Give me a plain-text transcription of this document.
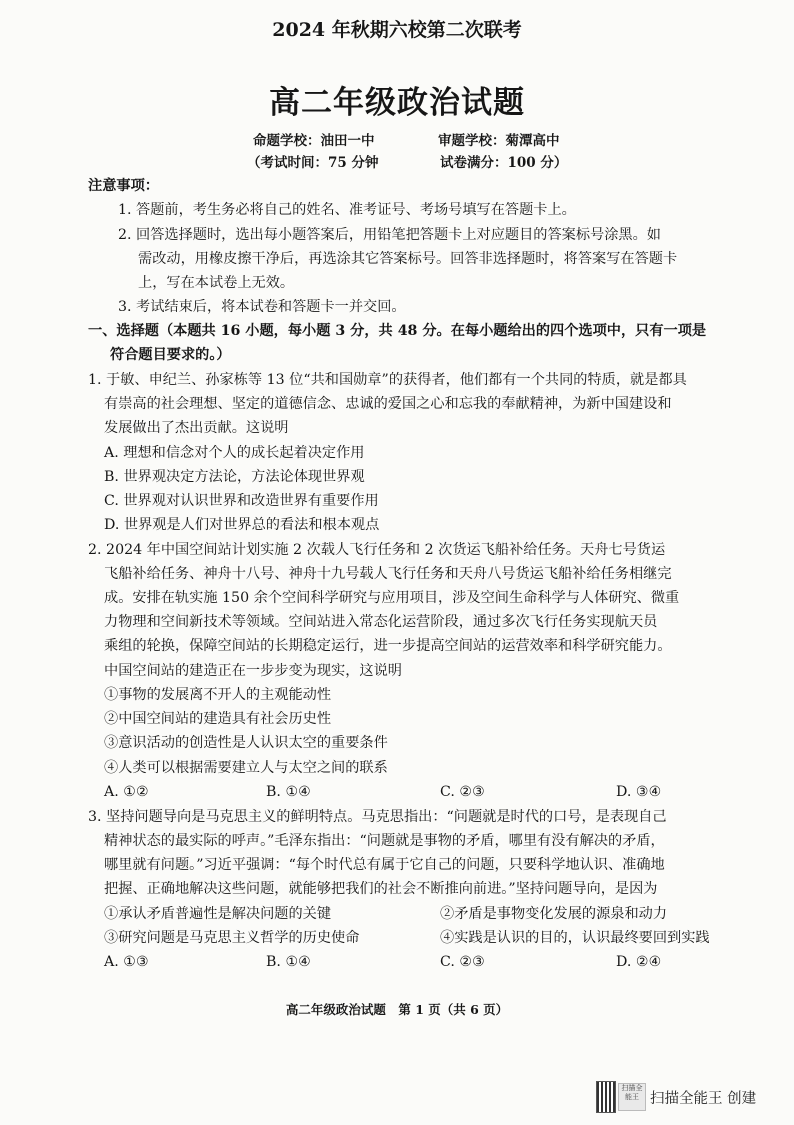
2024 年秋期六校第二次联考
高二年级政治试题
命题学校：油田一中	审题学校：菊潭高中
（考试时间：75 分钟	试卷满分：100 分）
注意事项：
1. 答题前，考生务必将自己的姓名、准考证号、考场号填写在答题卡上。
2. 回答选择题时，选出每小题答案后，用铅笔把答题卡上对应题目的答案标号涂黑。如
需改动，用橡皮擦干净后，再选涂其它答案标号。回答非选择题时，将答案写在答题卡
上，写在本试卷上无效。
3. 考试结束后，将本试卷和答题卡一并交回。
一、选择题（本题共 16 小题，每小题 3 分，共 48 分。在每小题给出的四个选项中，只有一项是
符合题目要求的。）
1. 于敏、申纪兰、孙家栋等 13 位“共和国勋章”的获得者，他们都有一个共同的特质，就是都具
有崇高的社会理想、坚定的道德信念、忠诚的爱国之心和忘我的奉献精神，为新中国建设和
发展做出了杰出贡献。这说明
A. 理想和信念对个人的成长起着决定作用
B. 世界观决定方法论，方法论体现世界观
C. 世界观对认识世界和改造世界有重要作用
D. 世界观是人们对世界总的看法和根本观点
2. 2024 年中国空间站计划实施 2 次载人飞行任务和 2 次货运飞船补给任务。天舟七号货运
飞船补给任务、神舟十八号、神舟十九号载人飞行任务和天舟八号货运飞船补给任务相继完
成。安排在轨实施 150 余个空间科学研究与应用项目，涉及空间生命科学与人体研究、微重
力物理和空间新技术等领域。空间站进入常态化运营阶段，通过多次飞行任务实现航天员
乘组的轮换，保障空间站的长期稳定运行，进一步提高空间站的运营效率和科学研究能力。
中国空间站的建造正在一步步变为现实，这说明
①事物的发展离不开人的主观能动性
②中国空间站的建造具有社会历史性
③意识活动的创造性是人认识太空的重要条件
④人类可以根据需要建立人与太空之间的联系
A. ①②	B. ①④	C. ②③	D. ③④
3. 坚持问题导向是马克思主义的鲜明特点。马克思指出：“问题就是时代的口号，是表现自己
精神状态的最实际的呼声。”毛泽东指出：“问题就是事物的矛盾，哪里有没有解决的矛盾，
哪里就有问题。”习近平强调：“每个时代总有属于它自己的问题，只要科学地认识、准确地
把握、正确地解决这些问题，就能够把我们的社会不断推向前进。”坚持问题导向，是因为
①承认矛盾普遍性是解决问题的关键	②矛盾是事物变化发展的源泉和动力
③研究问题是马克思主义哲学的历史使命	④实践是认识的目的，认识最终要回到实践
A. ①③	B. ①④	C. ②③	D. ②④
高二年级政治试题　第 1 页（共 6 页）
扫描全能王 扫描全能王 创建
